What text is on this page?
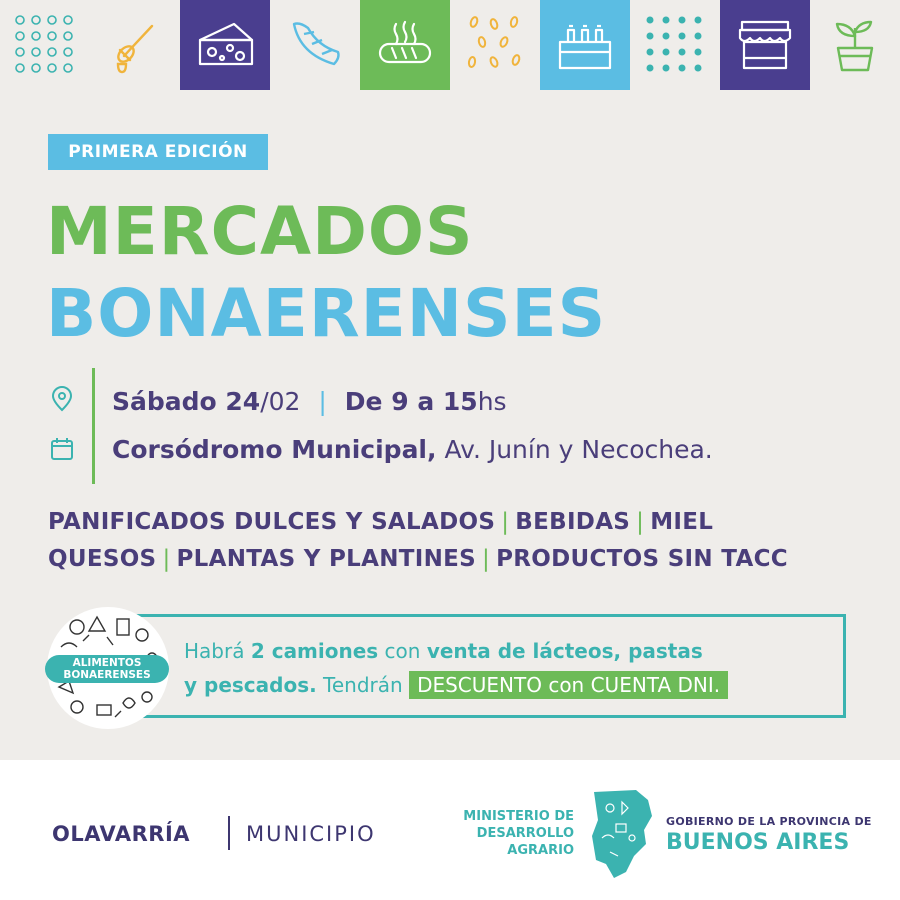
PRIMERA EDICIÓN
MERCADOS
BONAERENSES
Sábado 24/02 | De 9 a 15hs
Corsódromo Municipal, Av. Junín y Necochea.
PANIFICADOS DULCES Y SALADOS | BEBIDAS | MIEL
QUESOS | PLANTAS Y PLANTINES | PRODUCTOS SIN TACC
ALIMENTOS
BONAERENSES
Habrá 2 camiones con venta de lácteos, pastas
y pescados. Tendrán DESCUENTO con CUENTA DNI.
OLAVARRÍA	MUNICIPIO
MINISTERIO DE
DESARROLLO
AGRARIO
GOBIERNO DE LA PROVINCIA DE
BUENOS AIRES
